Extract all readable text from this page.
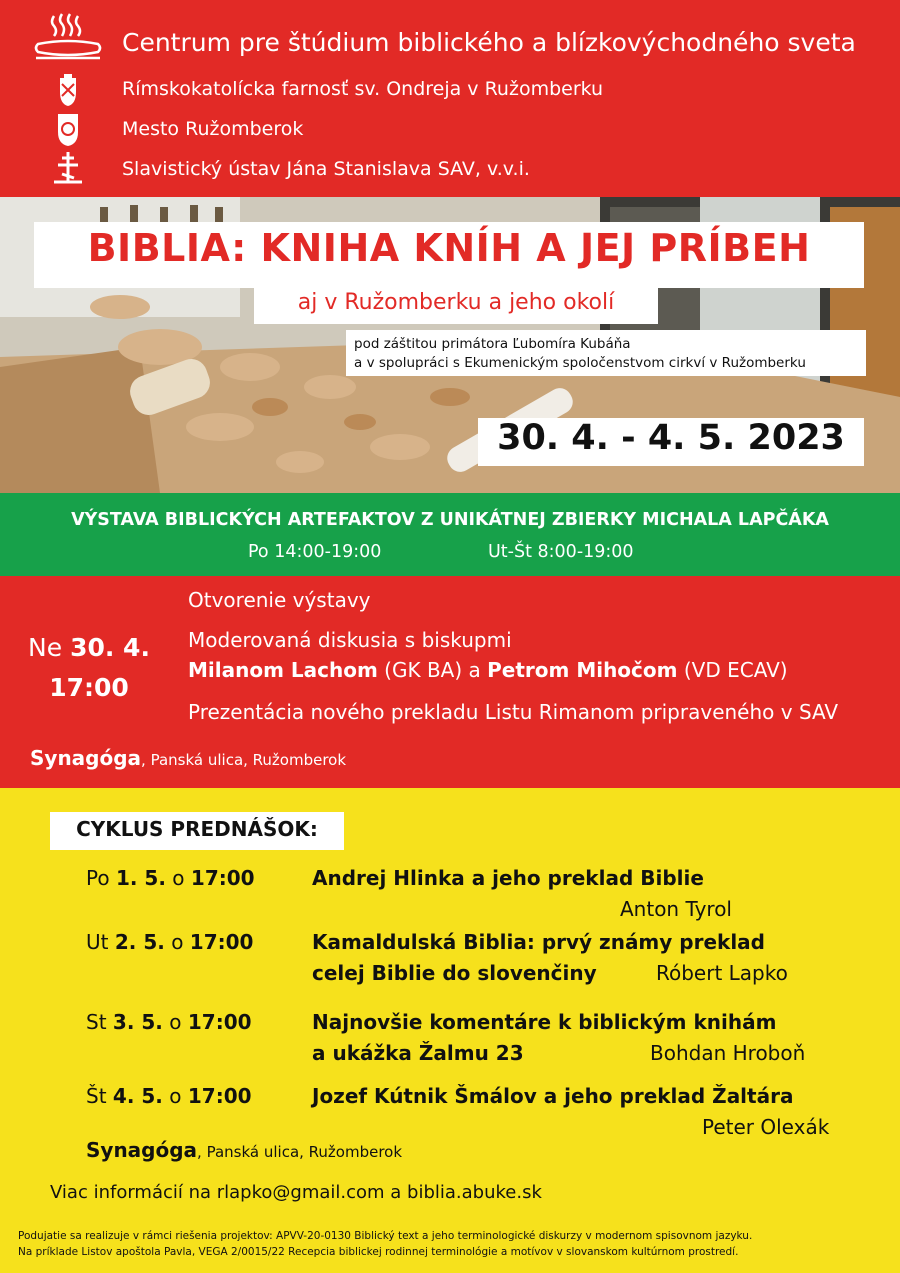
Centrum pre štúdium biblického a blízkovýchodného sveta
Rímskokatolícka farnosť sv. Ondreja v Ružomberku
Mesto Ružomberok
Slavistický ústav Jána Stanislava SAV, v.v.i.
BIBLIA: KNIHA KNÍH A JEJ PRÍBEH
aj v Ružomberku a jeho okolí
pod záštitou primátora Ľubomíra Kubáňa
a v spolupráci s Ekumenickým spoločenstvom cirkví v Ružomberku
30. 4. - 4. 5. 2023
VÝSTAVA BIBLICKÝCH ARTEFAKTOV Z UNIKÁTNEJ ZBIERKY MICHALA LAPČÁKA
Po 14:00-19:00	Ut-Št 8:00-19:00
Ne 30. 4.
17:00
Otvorenie výstavy
Moderovaná diskusia s biskupmi
Milanom Lachom (GK BA) a Petrom Mihočom (VD ECAV)
Prezentácia nového prekladu Listu Rimanom pripraveného v SAV
Synagóga, Panská ulica, Ružomberok
CYKLUS PREDNÁŠOK:
Po 1. 5. o 17:00	Andrej Hlinka a jeho preklad Biblie
Anton Tyrol
Ut 2. 5. o 17:00	Kamaldulská Biblia: prvý známy preklad
celej Biblie do slovenčiny	Róbert Lapko
St 3. 5. o 17:00	Najnovšie komentáre k biblickým knihám
a ukážka Žalmu 23	Bohdan Hroboň
Št 4. 5. o 17:00	Jozef Kútnik Šmálov a jeho preklad Žaltára
Peter Olexák
Synagóga, Panská ulica, Ružomberok
Viac informácií na rlapko@gmail.com a biblia.abuke.sk
Podujatie sa realizuje v rámci riešenia projektov: APVV-20-0130 Biblický text a jeho terminologické diskurzy v modernom spisovnom jazyku.
Na príklade Listov apoštola Pavla, VEGA 2/0015/22 Recepcia biblickej rodinnej terminológie a motívov v slovanskom kultúrnom prostredí.
